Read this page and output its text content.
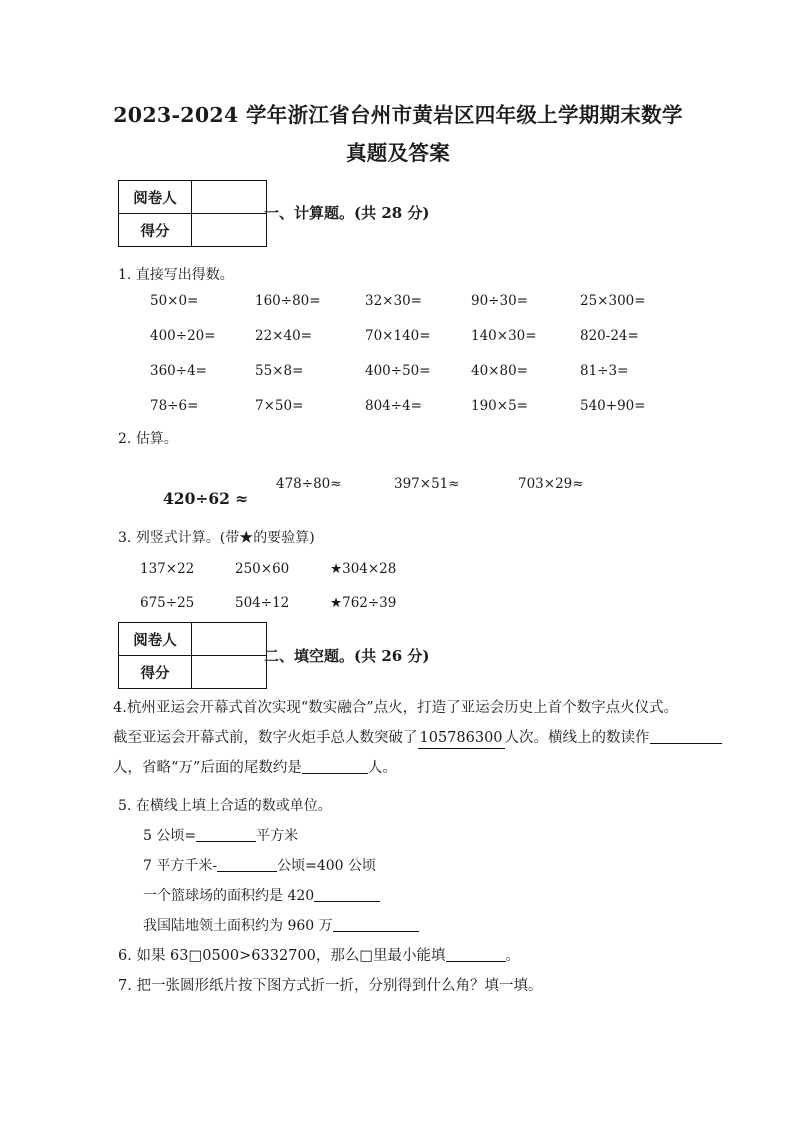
2023-2024 学年浙江省台州市黄岩区四年级上学期期末数学
真题及答案
阅卷人	
得分	
一、计算题。(共 28 分)
1. 直接写出得数。
50×0=	160÷80=	32×30=	90÷30=	25×300=
400÷20=	22×40=	70×140=	140×30=	820-24=
360÷4=	55×8=	400÷50=	40×80=	81÷3=
78÷6=	7×50=	804÷4=	190×5=	540+90=
2. 估算。
478÷80≈	397×51≈	703×29≈
420÷62 ≈
3. 列竖式计算。(带★的要验算)
137×22	250×60	★304×28
675÷25	504÷12	★762÷39
阅卷人	
得分	
二、填空题。(共 26 分)
4.杭州亚运会开幕式首次实现“数实融合”点火，打造了亚运会历史上首个数字点火仪式。
截至亚运会开幕式前，数字火炬手总人数突破了 105786300 人次。横线上的数读作
人，省略“万”后面的尾数约是	人。
5. 在横线上填上合适的数或单位。
5 公顷=	平方米
7 平方千米-	公顷=400 公顷
一个篮球场的面积约是 420
我国陆地领土面积约为 960 万
6. 如果 63□0500>6332700，那么□里最小能填	。
7. 把一张圆形纸片按下图方式折一折，分别得到什么角？填一填。
